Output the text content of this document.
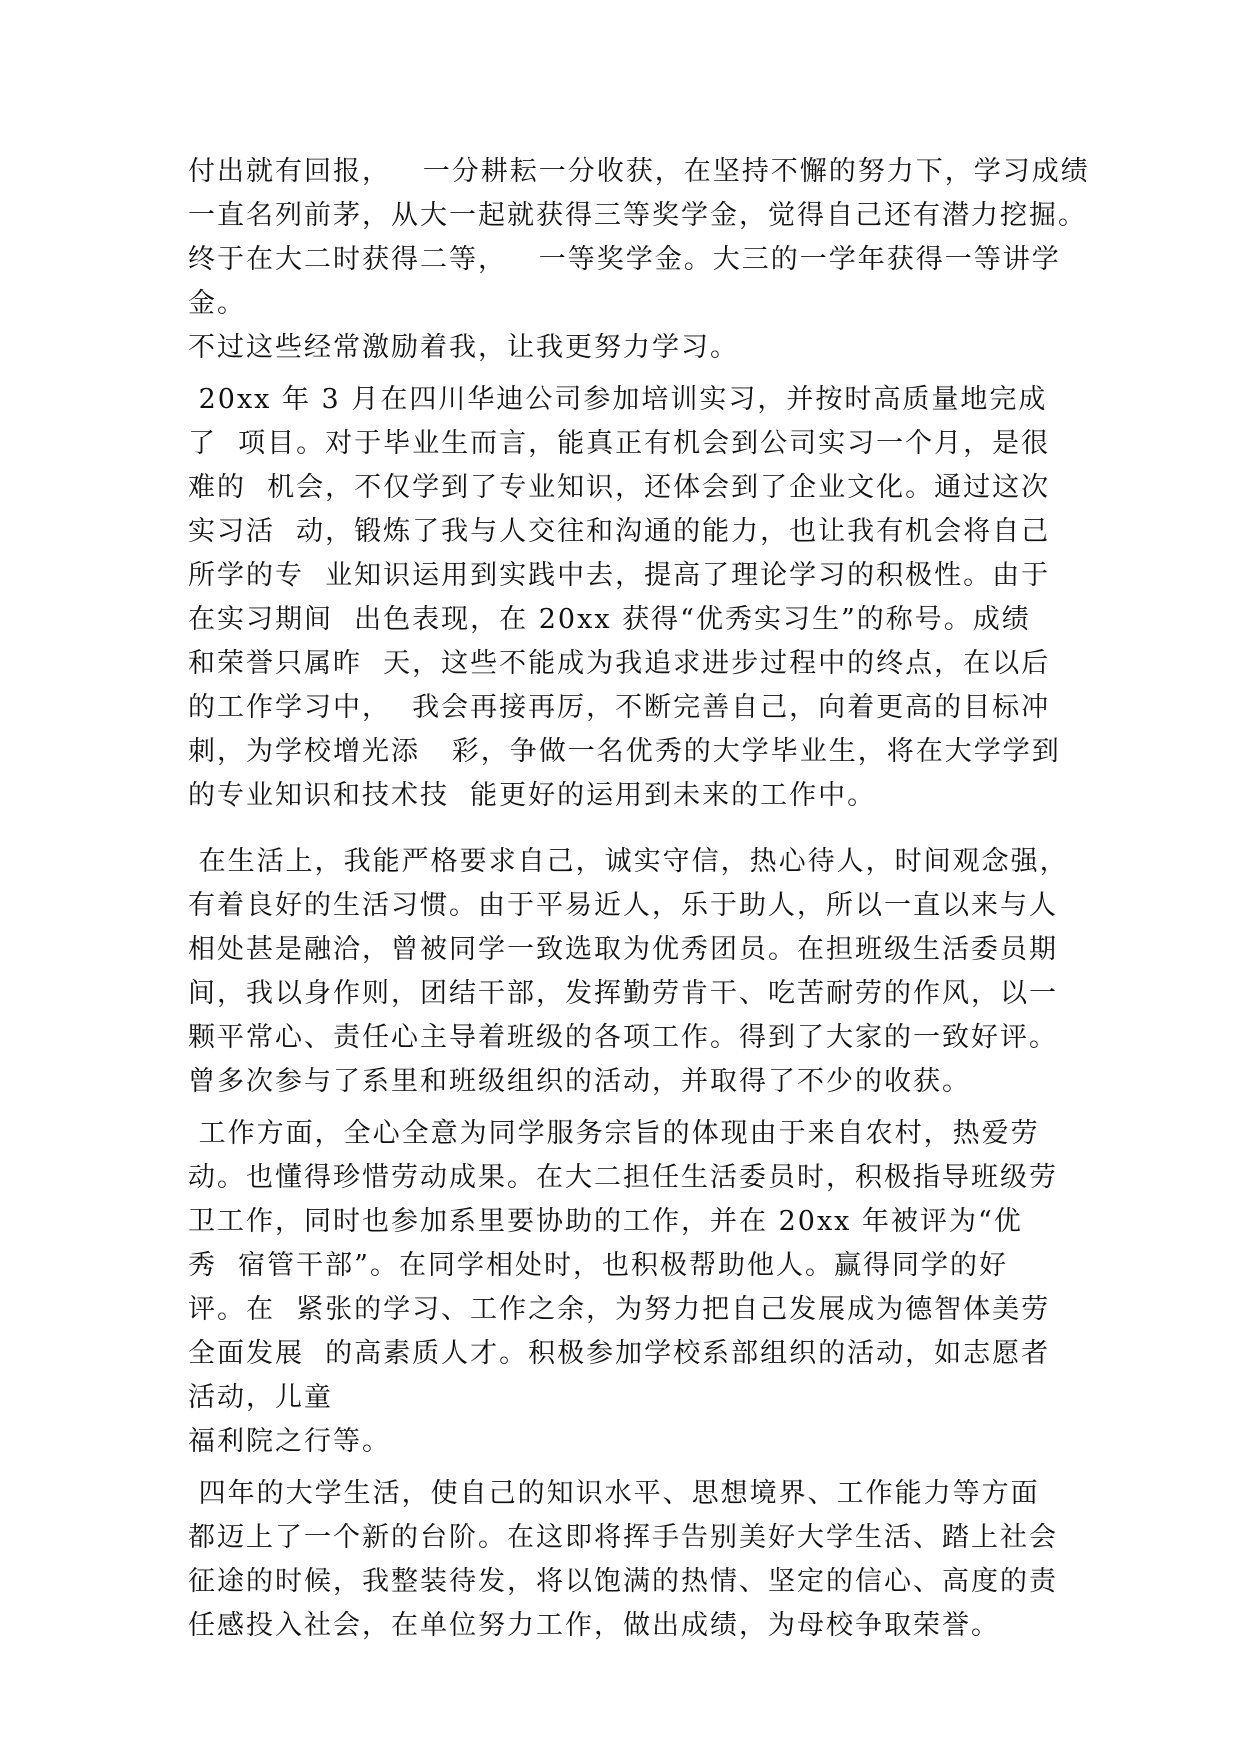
付出就有回报，   一分耕耘一分收获，在坚持不懈的努力下，学习成绩
一直名列前茅，从大一起就获得三等奖学金，觉得自己还有潜力挖掘。
终于在大二时获得二等，   一等奖学金。大三的一学年获得一等讲学
金。
不过这些经常激励着我，让我更努力学习。
20xx 年 3 月在四川华迪公司参加培训实习，并按时高质量地完成
了  项目。对于毕业生而言，能真正有机会到公司实习一个月，是很
难的  机会，不仅学到了专业知识，还体会到了企业文化。通过这次
实习活  动，锻炼了我与人交往和沟通的能力，也让我有机会将自己
所学的专  业知识运用到实践中去，提高了理论学习的积极性。由于
在实习期间  出色表现，在 20xx 获得“优秀实习生”的称号。成绩
和荣誉只属昨  天，这些不能成为我追求进步过程中的终点，在以后
的工作学习中，  我会再接再厉，不断完善自己，向着更高的目标冲
刺，为学校增光添   彩，争做一名优秀的大学毕业生，将在大学学到
的专业知识和技术技  能更好的运用到未来的工作中。
在生活上，我能严格要求自己，诚实守信，热心待人，时间观念强，
有着良好的生活习惯。由于平易近人，乐于助人，所以一直以来与人
相处甚是融洽，曾被同学一致选取为优秀团员。在担班级生活委员期
间，我以身作则，团结干部，发挥勤劳肯干、吃苦耐劳的作风，以一
颗平常心、责任心主导着班级的各项工作。得到了大家的一致好评。
曾多次参与了系里和班级组织的活动，并取得了不少的收获。
工作方面，全心全意为同学服务宗旨的体现由于来自农村，热爱劳
动。也懂得珍惜劳动成果。在大二担任生活委员时，积极指导班级劳
卫工作，同时也参加系里要协助的工作，并在 20xx 年被评为“优
秀  宿管干部”。在同学相处时，也积极帮助他人。赢得同学的好
评。在  紧张的学习、工作之余，为努力把自己发展成为德智体美劳
全面发展  的高素质人才。积极参加学校系部组织的活动，如志愿者
活动，儿童
福利院之行等。
四年的大学生活，使自己的知识水平、思想境界、工作能力等方面
都迈上了一个新的台阶。在这即将挥手告别美好大学生活、踏上社会
征途的时候，我整装待发，将以饱满的热情、坚定的信心、高度的责
任感投入社会，在单位努力工作，做出成绩，为母校争取荣誉。
